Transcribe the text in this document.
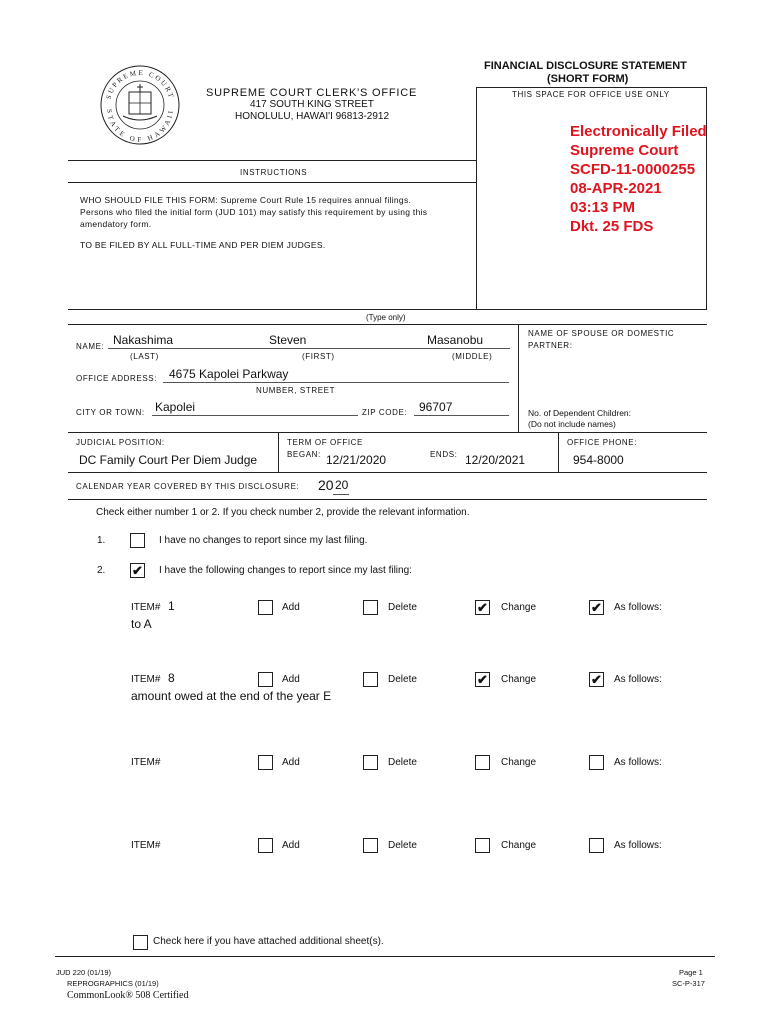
FINANCIAL DISCLOSURE STATEMENT
(SHORT FORM)
THIS SPACE FOR OFFICE USE ONLY
SUPREME COURT
STATE OF HAWAII
SUPREME COURT CLERK'S OFFICE
417 SOUTH KING STREET
HONOLULU, HAWAI'I 96813-2912
Electronically Filed
Supreme Court
SCFD-11-0000255
08-APR-2021
03:13 PM
Dkt. 25 FDS
INSTRUCTIONS
WHO SHOULD FILE THIS FORM: Supreme Court Rule 15 requires annual filings.
Persons who filed the initial form (JUD 101) may satisfy this requirement by using this
amendatory form.
TO BE FILED BY ALL FULL-TIME AND PER DIEM JUDGES.
(Type only)
NAME: Nakashima	Steven	Masanobu
(LAST)	(FIRST)	(MIDDLE)
NAME OF SPOUSE OR DOMESTIC
PARTNER:
OFFICE ADDRESS: 4675 Kapolei Parkway
NUMBER, STREET
CITY OR TOWN: Kapolei	ZIP CODE: 96707	No. of Dependent Children:
(Do not include names)
JUDICIAL POSITION:
DC Family Court Per Diem Judge
TERM OF OFFICE
BEGAN: 12/21/2020	ENDS: 12/20/2021
OFFICE PHONE:
954-8000
CALENDAR YEAR COVERED BY THIS DISCLOSURE: 20 20
Check either number 1 or 2. If you check number 2, provide the relevant information.
1.	I have no changes to report since my last filing.
2. ✔ I have the following changes to report since my last filing:
ITEM# 1
to A
Add	Delete	✔ Change	✔ As follows:
ITEM# 8
amount owed at the end of the year E
Add	Delete	✔ Change	✔ As follows:
ITEM#	Add	Delete	Change	As follows:
ITEM#	Add	Delete	Change	As follows:
Check here if you have attached additional sheet(s).
JUD 220 (01/19)
REPROGRAPHICS (01/19)
CommonLook® 508 Certified
Page 1
SC-P-317
